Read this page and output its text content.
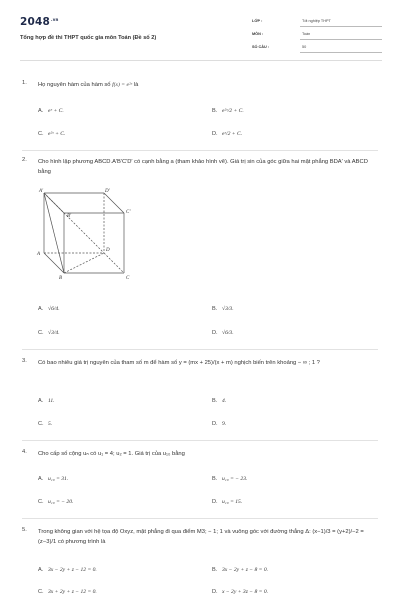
$2048^{.vn}$
Tổng hợp đề thi THPT quốc gia môn Toán (Đề số 2)
LỚP :	Tốt nghiệp THPT
MÔN :	Toán
SỐ CÂU :	50
1. Họ nguyên hàm của hàm số f(x) = e²ˣ là
A. eˣ + C.	B. e²ˣ/2 + C.
C. e²ˣ + C.	D. eˣ/2 + C.
2. Cho hình lập phương ABCD.A′B′C′D′ có cạnh bằng a (tham khảo hình vẽ). Giá trị sin của góc giữa hai mặt phẳng BDA′ và ABCD bằng
A′	D′
B′
C′
A
D
B	C
A. √6/4.	B. √3/3.
C. √3/4.	D. √6/3.
3. Có bao nhiêu giá trị nguyên của tham số m để hàm số y = (mx + 25)/(x + m) nghịch biến trên khoảng − ∞ ; 1 ?
A. 11.	B. 4.
C. 5.	D. 9.
4. Cho cấp số cộng uₙ có u₁ = 4; u₂ = 1. Giá trị của u₁₀ bằng
A. u₁₀ = 31.	B. u₁₀ = − 23.
C. u₁₀ = − 20.	D. u₁₀ = 15.
5. Trong không gian với hệ tọa độ Oxyz, mặt phẳng đi qua điểm M3; − 1; 1 và vuông góc với đường thẳng Δ: (x−1)/3 = (y+2)/−2 = (z−3)/1 có phương trình là
A. 3x − 2y + z − 12 = 0.	B. 3x − 2y + z − 8 = 0.
C. 3x + 2y + z − 12 = 0.	D. x − 2y + 3z − 8 = 0.
